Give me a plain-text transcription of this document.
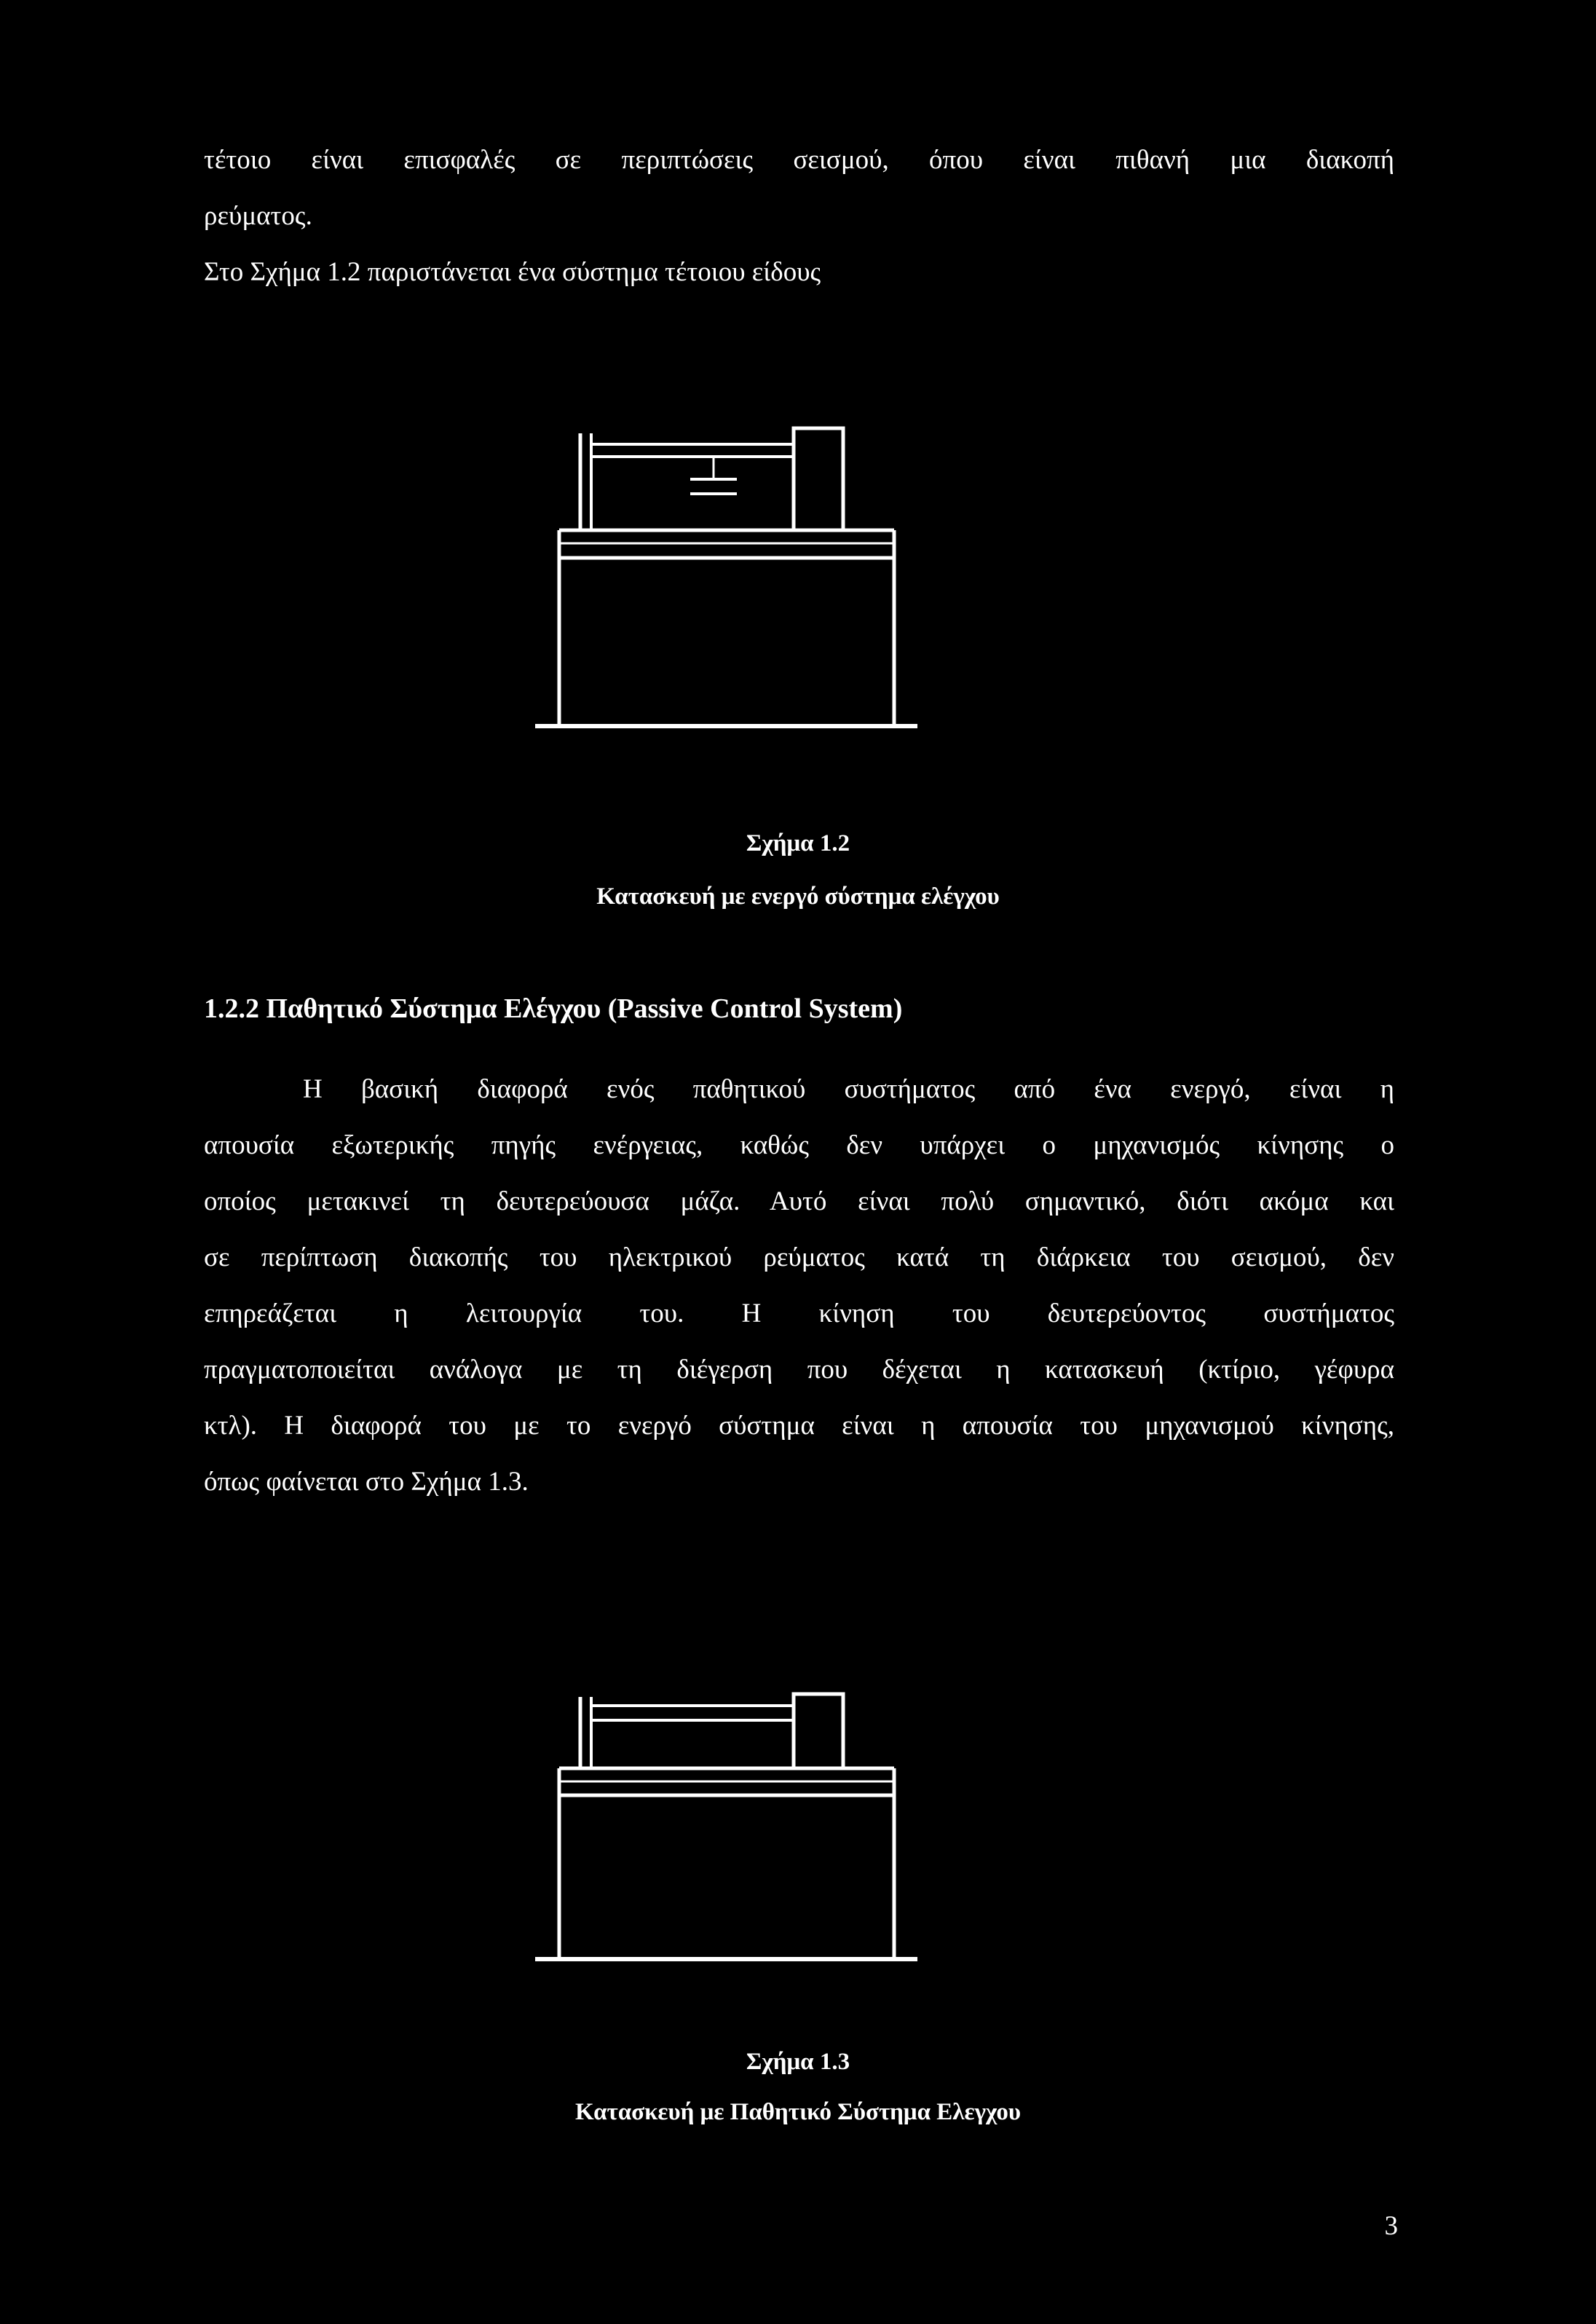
τέτοιο είναι επισφαλές σε περιπτώσεις σεισμού, όπου είναι πιθανή μια διακοπή
ρεύματος.
Στο Σχήμα 1.2 παριστάνεται ένα σύστημα τέτοιου είδους
Σχήμα 1.2
Κατασκευή με ενεργό σύστημα ελέγχου
1.2.2 Παθητικό Σύστημα Ελέγχου (Passive Control System)
Η βασική διαφορά ενός παθητικού συστήματος από ένα ενεργό, είναι η
απουσία εξωτερικής πηγής ενέργειας, καθώς δεν υπάρχει ο μηχανισμός κίνησης ο
οποίος μετακινεί τη δευτερεύουσα μάζα. Αυτό είναι πολύ σημαντικό, διότι ακόμα και
σε περίπτωση διακοπής του ηλεκτρικού ρεύματος κατά τη διάρκεια του σεισμού, δεν
επηρεάζεται η λειτουργία του. Η κίνηση του δευτερεύοντος συστήματος
πραγματοποιείται ανάλογα με τη διέγερση που δέχεται η κατασκευή (κτίριο, γέφυρα
κτλ). Η διαφορά του με το ενεργό σύστημα είναι η απουσία του μηχανισμού κίνησης,
όπως φαίνεται στο Σχήμα 1.3.
Σχήμα 1.3
Κατασκευή με Παθητικό Σύστημα Ελεγχου
3
